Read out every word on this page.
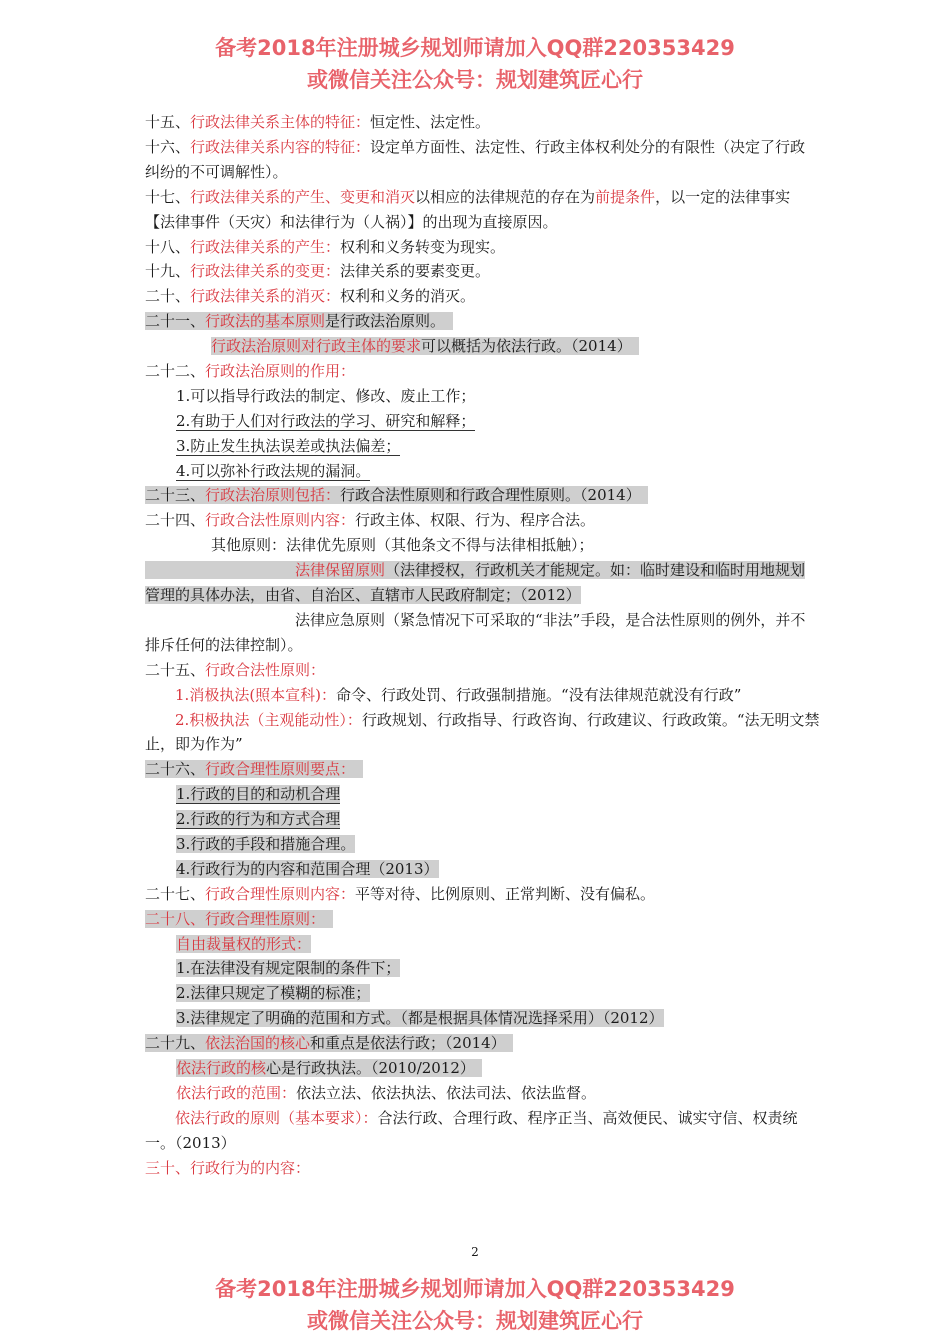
备考2018年注册城乡规划师请加入QQ群220353429
或微信关注公众号：规划建筑匠心行
十五、行政法律关系主体的特征：恒定性、法定性。
十六、行政法律关系内容的特征：设定单方面性、法定性、行政主体权利处分的有限性（决定了行政纠纷的不可调解性）。
十七、行政法律关系的产生、变更和消灭以相应的法律规范的存在为前提条件，以一定的法律事实【法律事件（天灾）和法律行为（人祸）】的出现为直接原因。
十八、行政法律关系的产生：权利和义务转变为现实。
十九、行政法律关系的变更：法律关系的要素变更。
二十、行政法律关系的消灭：权利和义务的消灭。
二十一、行政法的基本原则是行政法治原则。　
行政法治原则对行政主体的要求可以概括为依法行政。（2014）　
二十二、行政法治原则的作用：
1.可以指导行政法的制定、修改、废止工作；
2.有助于人们对行政法的学习、研究和解释；
3.防止发生执法误差或执法偏差；
4.可以弥补行政法规的漏洞。
二十三、行政法治原则包括：行政合法性原则和行政合理性原则。（2014）　
二十四、行政合法性原则内容：行政主体、权限、行为、程序合法。
其他原则：法律优先原则（其他条文不得与法律相抵触）；
　　　　　　　　　　法律保留原则（法律授权，行政机关才能规定。如：临时建设和临时用地规划管理的具体办法，由省、自治区、直辖市人民政府制定；（2012）
　　　　　　　　　　法律应急原则（紧急情况下可采取的“非法”手段，是合法性原则的例外，并不排斥任何的法律控制）。
二十五、行政合法性原则：
　　1.消极执法(照本宣科)：命令、行政处罚、行政强制措施。“没有法律规范就没有行政”
　　2.积极执法（主观能动性）：行政规划、行政指导、行政咨询、行政建议、行政政策。“法无明文禁止，即为作为”
二十六、行政合理性原则要点：　
1.行政的目的和动机合理
2.行政的行为和方式合理
3.行政的手段和措施合理。
4.行政行为的内容和范围合理（2013）
二十七、行政合理性原则内容：平等对待、比例原则、正常判断、没有偏私。
二十八、行政合理性原则：　
自由裁量权的形式：
1.在法律没有规定限制的条件下；
2.法律只规定了模糊的标准；
3.法律规定了明确的范围和方式。（都是根据具体情况选择采用）（2012）
二十九、依法治国的核心和重点是依法行政；（2014）　
依法行政的核心是行政执法。（2010/2012）　
依法行政的范围：依法立法、依法执法、依法司法、依法监督。
　　依法行政的原则（基本要求）：合法行政、合理行政、程序正当、高效便民、诚实守信、权责统一。（2013）
三十、行政行为的内容：
2
备考2018年注册城乡规划师请加入QQ群220353429
或微信关注公众号：规划建筑匠心行
